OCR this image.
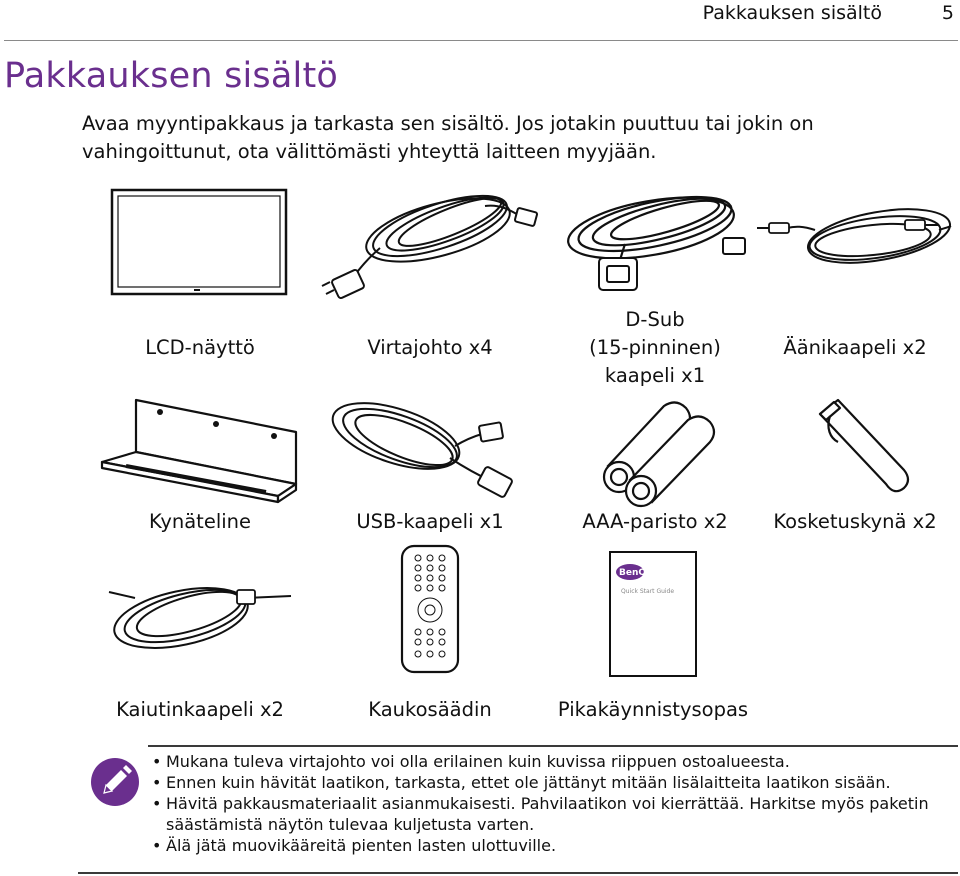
Pakkauksen sisältö	5
Pakkauksen sisältö
Avaa myyntipakkaus ja tarkasta sen sisältö. Jos jotakin puuttuu tai jokin on vahingoittunut, ota välittömästi yhteyttä laitteen myyjään.
LCD-näyttö	Virtajohto x4
D-Sub
(15-pinninen)
kaapeli x1
Äänikaapeli x2
Kynäteline	USB-kaapeli x1	AAA-paristo x2	Kosketuskynä x2
Kaiutinkaapeli x2	Kaukosäädin
BenQ
Quick Start Guide
Pikakäynnistysopas
• Mukana tuleva virtajohto voi olla erilainen kuin kuvissa riippuen ostoalueesta.
• Ennen kuin hävität laatikon, tarkasta, ettet ole jättänyt mitään lisälaitteita laatikon sisään.
• Hävitä pakkausmateriaalit asianmukaisesti. Pahvilaatikon voi kierrättää. Harkitse myös paketin säästämistä näytön tulevaa kuljetusta varten.
• Älä jätä muovikääreitä pienten lasten ulottuville.
